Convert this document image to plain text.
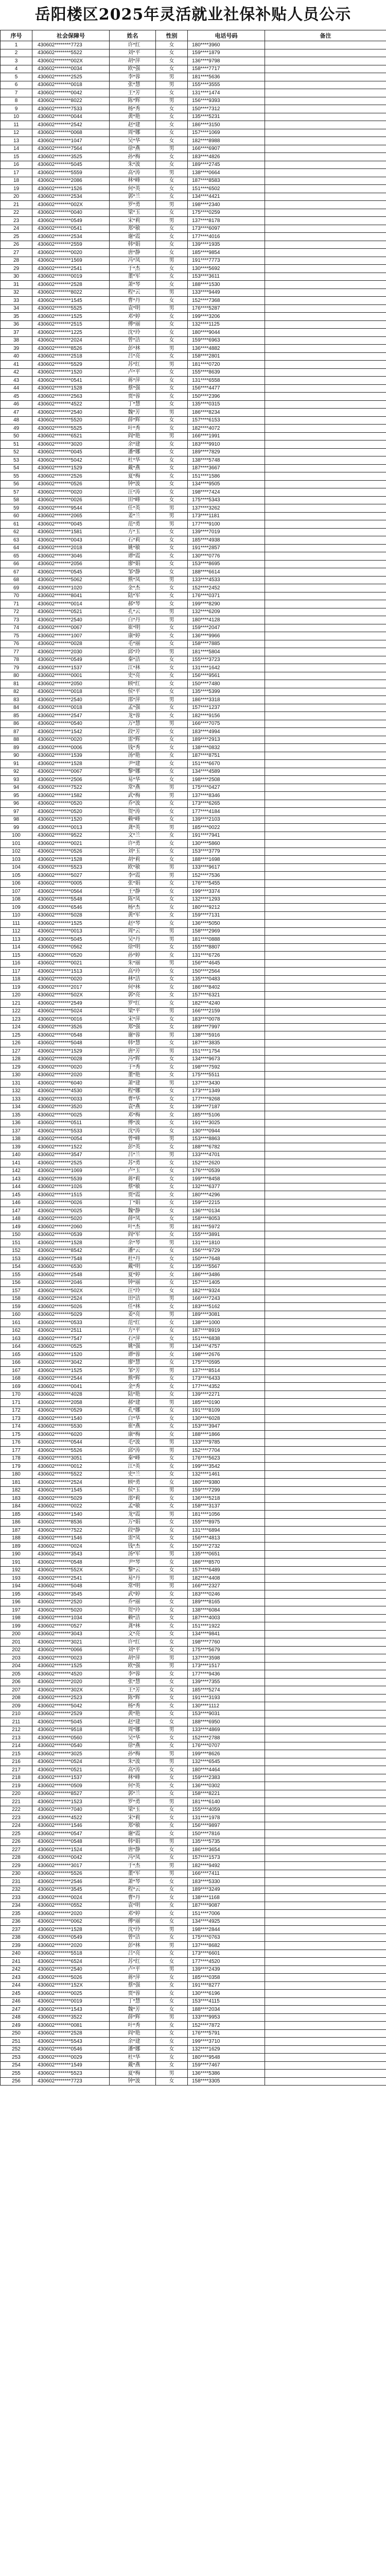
岳阳楼区2025年灵活就业社保补贴人员公示
序号	社会保障号	姓名	性别	电话号码	备注
1	430602********7723	许*红	女	180****3960	
2	430602********5522	刘*平	女	159****1879	
3	430602********002X	胡*萍	女	136****9798	
4	430602********0034	欧*强	女	158****7717	
5	430602********2525	李*蓉	男	181****5636	
6	430602********0018	张*慧	男	155****3555	
7	430602********0042	王*芳	女	131****1474	
8	430602********8022	陈*辉	男	156****9393	
9	430602********7533	杨*秀	女	150****7312	
10	430602********0044	黄*艳	女	135****5231	
11	430602********2542	赵*建	女	186****3150	
12	430602********0068	周*娜	女	157****1069	
13	430602********1047	吴*华	女	182****8988	
14	430602********7564	徐*燕	男	166****6907	
15	430602********3525	孙*梅	女	183****4826	
16	430602********5045	朱*波	女	189****2745	
17	430602********5559	高*涛	男	138****0664	
18	430602********2086	林*峰	女	187****8583	
19	430602********1526	何*英	女	151****6502	
20	430602********2534	郭*兰	女	134****4421	
21	430602********002X	罗*勇	男	198****2340	
22	430602********0040	梁*玉	女	175****0259	
23	430602********0549	宋*莉	男	137****8178	
24	430602********0541	郑*敏	女	173****6097	
25	430602********2534	谢*霞	女	177****4016	
26	430602********2559	韩*娟	女	139****1935	
27	430602********0020	唐*静	女	185****9854	
28	430602********1569	冯*凤	男	191****7773	
29	430602********2541	于*杰	女	130****5692	
30	430602********0019	董*军	女	153****3611	
31	430602********2528	萧*琴	女	188****1530	
32	430602********8022	程*云	男	133****9449	
33	430602********1545	曹*丹	女	152****7368	
34	430602********5525	袁*明	男	176****5287	
35	430602********1525	邓*婷	女	199****3206	
36	430602********2515	傅*丽	女	132****1125	
37	430602********1225	沈*玲	女	180****9044	
38	430602********2024	曾*洁	女	159****6963	
39	430602********8526	彭*林	男	136****4882	
40	430602********2518	吕*亮	女	158****2801	
41	430602********5529	苏*红	男	181****0720	
42	430602********1520	卢*平	女	155****8639	
43	430602********0541	蒋*萍	女	131****6558	
44	430602********1528	蔡*强	女	156****4477	
45	430602********2563	贾*蓉	女	150****2396	
46	430602********4522	丁*慧	女	135****0315	
47	430602********2540	魏*芳	男	186****8234	
48	430602********5520	薛*辉	女	157****6153	
49	430602********5525	叶*秀	女	182****4072	
50	430602********6521	阎*艳	男	166****1991	
51	430602********3020	余*建	女	183****9910	
52	430602********0045	潘*娜	女	189****7829	
53	430602********5042	杜*华	女	138****5748	
54	430602********1529	戴*燕	女	187****3667	
55	430602********2526	夏*梅	女	151****1586	
56	430602********0526	钟*波	女	134****9505	
57	430602********0020	汪*涛	女	198****7424	
58	430602********0026	田*峰	女	175****5343	
59	430602********9544	任*英	男	137****3262	
60	430602********2065	姜*兰	男	173****1181	
61	430602********0045	范*勇	男	177****9100	
62	430602********1581	方*玉	女	139****7019	
63	430602********0043	石*莉	女	185****4938	
64	430602********2018	姚*敏	女	191****2857	
65	430602********3046	谭*霞	女	130****0776	
66	430602********2056	廖*娟	女	153****8695	
67	430602********0545	邹*静	女	188****6614	
68	430602********5062	熊*凤	男	133****4533	
69	430602********1020	金*杰	女	152****2452	
70	430602********8041	陆*军	女	176****0371	
71	430602********0014	郝*琴	女	199****8290	
72	430602********0521	孔*云	男	132****6209	
73	430602********2540	白*丹	男	180****4128	
74	430602********0067	崔*明	女	159****2047	
75	430602********1007	康*婷	女	136****9966	
76	430602********0028	毛*丽	女	158****7885	
77	430602********2030	邱*玲	男	181****5804	
78	430602********0549	秦*洁	女	155****3723	
79	430602********1537	江*林	女	131****1642	
80	430602********0001	史*亮	女	156****9561	
81	430602********2050	顾*红	女	150****7480	
82	430602********0018	侯*平	女	135****5399	
83	430602********2540	邵*萍	男	186****3318	
84	430602********0018	孟*强	女	157****1237	
85	430602********2547	龙*蓉	女	182****9156	
86	430602********0540	万*慧	男	166****7075	
87	430602********1542	段*芳	女	183****4994	
88	430602********0020	雷*辉	女	189****2913	
89	430602********0006	钱*秀	女	138****0832	
90	430602********1539	汤*艳	女	187****8751	
91	430602********1528	尹*建	女	151****6670	
92	430602********0067	黎*娜	女	134****4589	
93	430602********2506	易*华	女	198****2508	
94	430602********7522	常*燕	男	175****0427	
95	430602********1582	武*梅	男	137****8346	
96	430602********0520	乔*波	女	173****6265	
97	430602********0520	贺*涛	女	177****4184	
98	430602********1520	赖*峰	女	139****2103	
99	430602********0013	龚*英	男	185****0022	
100	430602********9522	文*兰	女	191****7941	
101	430602********0021	许*勇	女	130****5860	
102	430602********0526	刘*玉	女	153****3779	
103	430602********1528	胡*莉	女	188****1698	
104	430602********5523	欧*敏	男	133****9617	
105	430602********5027	李*霞	男	152****7536	
106	430602********0005	张*娟	女	176****5455	
107	430602********0564	王*静	女	199****3374	
108	430602********5548	陈*凤	女	132****1293	
109	430602********6546	杨*杰	女	180****9212	
110	430602********5028	黄*军	女	159****7131	
111	430602********1525	赵*琴	女	136****5050	
112	430602********0013	周*云	男	158****2969	
113	430602********5045	吴*丹	男	181****0888	
114	430602********0562	徐*明	女	155****8807	
115	430602********0520	孙*婷	女	131****6726	
116	430602********0021	朱*丽	男	156****4645	
117	430602********1513	高*玲	女	150****2564	
118	430602********0020	林*洁	女	135****0483	
119	430602********2017	何*林	女	186****8402	
120	430602********502X	郭*亮	女	157****6321	
121	430602********2549	罗*红	女	182****4240	
122	430602********5024	梁*平	男	166****2159	
123	430602********0016	宋*萍	女	183****0078	
124	430602********3526	郑*强	女	189****7997	
125	430602********0548	谢*蓉	男	138****5916	
126	430602********5048	韩*慧	女	187****3835	
127	430602********1529	唐*芳	男	151****1754	
128	430602********0028	冯*辉	女	134****9673	
129	430602********0020	于*秀	女	198****7592	
130	430602********2020	董*艳	女	175****5511	
131	430602********6040	萧*建	男	137****3430	
132	430602********4530	程*娜	女	173****1349	
133	430602********0033	曹*华	女	177****9268	
134	430602********3520	袁*燕	女	139****7187	
135	430602********0025	邓*梅	女	185****5106	
136	430602********0511	傅*波	女	191****3025	
137	430602********5533	沈*涛	女	130****0944	
138	430602********0054	曾*峰	男	153****8863	
139	430602********1522	彭*英	女	188****6782	
140	430602********3547	吕*兰	男	133****4701	
141	430602********2525	苏*勇	女	152****2620	
142	430602********1069	卢*玉	女	176****0539	
143	430602********5539	蒋*莉	女	199****8458	
144	430602********1026	蔡*敏	女	132****6377	
145	430602********1515	贾*霞	女	180****4296	
146	430602********0026	丁*娟	女	159****2215	
147	430602********0025	魏*静	女	136****0134	
148	430602********5020	薛*凤	女	158****8053	
149	430602********2060	叶*杰	男	181****5972	
150	430602********0539	阎*军	女	155****3891	
151	430602********1528	余*琴	男	131****1810	
152	430602********8542	潘*云	女	156****9729	
153	430602********7548	杜*丹	女	150****7648	
154	430602********6530	戴*明	女	135****5567	
155	430602********2548	夏*婷	女	186****3486	
156	430602********2046	钟*丽	女	157****1405	
157	430602********502X	汪*玲	女	182****9324	
158	430602********2524	田*洁	男	166****7243	
159	430602********5026	任*林	女	183****5162	
160	430602********5029	姜*亮	男	189****3081	
161	430602********0533	范*红	女	138****1000	
162	430602********2511	方*平	女	187****8919	
163	430602********7547	石*萍	女	151****6838	
164	430602********0525	姚*强	男	134****4757	
165	430602********1520	谭*蓉	女	198****2676	
166	430602********3042	廖*慧	女	175****0595	
167	430602********1525	邹*芳	男	137****8514	
168	430602********2544	熊*辉	女	173****6433	
169	430602********0041	金*秀	女	177****4352	
170	430602********4028	陆*艳	女	139****2271	
171	430602********2058	郝*建	男	185****0190	
172	430602********0529	孔*娜	女	191****8109	
173	430602********1540	白*华	女	130****6028	
174	430602********5530	崔*燕	女	153****3947	
175	430602********6020	康*梅	女	188****1866	
176	430602********0544	毛*波	男	133****9785	
177	430602********5526	邱*涛	男	152****7704	
178	430602********3051	秦*峰	女	176****5623	
179	430602********0012	江*英	女	199****3542	
180	430602********5522	史*兰	女	132****1461	
181	430602********2524	顾*勇	女	180****9380	
182	430602********1545	侯*玉	男	159****7299	
183	430602********5029	邵*莉	女	136****5218	
184	430602********0022	孟*敏	女	158****3137	
185	430602********1540	龙*霞	男	181****1056	
186	430602********8536	万*娟	女	155****8975	
187	430602********7522	段*静	女	131****6894	
188	430602********1546	雷*凤	女	156****4813	
189	430602********0024	钱*杰	女	150****2732	
190	430602********3543	汤*军	男	135****0651	
191	430602********0548	尹*琴	女	186****8570	
192	430602********552X	黎*云	女	157****6489	
193	430602********2541	易*丹	男	182****4408	
194	430602********5048	常*明	男	166****2327	
195	430602********3545	武*婷	女	183****0246	
196	430602********2520	乔*丽	女	189****8165	
197	430602********5020	贺*玲	女	138****6084	
198	430602********1034	赖*洁	女	187****4003	
199	430602********0527	龚*林	女	151****1922	
200	430602********3043	文*亮	女	134****9841	
201	430602********3021	许*红	女	198****7760	
202	430602********0066	刘*平	女	175****5679	
203	430602********0023	胡*萍	男	137****3598	
204	430602********1525	欧*强	男	173****1517	
205	430602********4520	李*蓉	女	177****9436	
206	430602********2020	张*慧	女	139****7355	
207	430602********302X	王*芳	女	185****5274	
208	430602********2523	陈*辉	女	191****3193	
209	430602********5042	杨*秀	女	130****1112	
210	430602********2529	黄*艳	女	153****9031	
211	430602********5045	赵*建	女	188****6950	
212	430602********9518	周*娜	男	133****4869	
213	430602********0560	吴*华	女	152****2788	
214	430602********0540	徐*燕	女	176****0707	
215	430602********3025	孙*梅	男	199****8626	
216	430602********0524	朱*波	男	132****6545	
217	430602********0521	高*涛	女	180****4464	
218	430602********1537	林*峰	女	159****2383	
219	430602********0509	何*英	女	136****0302	
220	430602********8527	郭*兰	女	158****8221	
221	430602********1523	罗*勇	男	181****6140	
222	430602********7040	梁*玉	女	155****4059	
223	430602********4522	宋*莉	女	131****1978	
224	430602********1546	郑*敏	女	156****9897	
225	430602********0547	谢*霞	女	150****7816	
226	430602********0548	韩*娟	男	135****5735	
227	430602********1524	唐*静	女	186****3654	
228	430602********0042	冯*凤	女	157****1573	
229	430602********3017	于*杰	男	182****9492	
230	430602********5526	董*军	男	166****7411	
231	430602********2546	萧*琴	女	183****5330	
232	430602********3545	程*云	女	189****3249	
233	430602********0024	曹*丹	女	138****1168	
234	430602********0552	袁*明	女	187****9087	
235	430602********2020	邓*婷	女	151****7006	
236	430602********0062	傅*丽	女	134****4925	
237	430602********1528	沈*玲	男	198****2844	
238	430602********0549	曾*洁	女	175****0763	
239	430602********2020	彭*林	男	137****8682	
240	430602********5518	吕*亮	女	173****6601	
241	430602********6524	苏*红	女	177****4520	
242	430602********2540	卢*平	男	139****2439	
243	430602********5026	蒋*萍	女	185****0358	
244	430602********152X	蔡*强	女	191****8277	
245	430602********0025	贾*蓉	女	130****6196	
246	430602********0019	丁*慧	女	153****4115	
247	430602********1543	魏*芳	女	188****2034	
248	430602********3522	薛*辉	男	133****9953	
249	430602********0081	叶*秀	女	152****7872	
250	430602********2528	阎*艳	女	176****5791	
251	430602********5543	余*建	女	199****3710	
252	430602********0546	潘*娜	女	132****1629	
253	430602********0029	杜*华	女	180****9548	
254	430602********1549	戴*燕	女	159****7467	
255	430602********5523	夏*梅	男	136****5386	
256	430602********7723	钟*波	女	158****3305	
